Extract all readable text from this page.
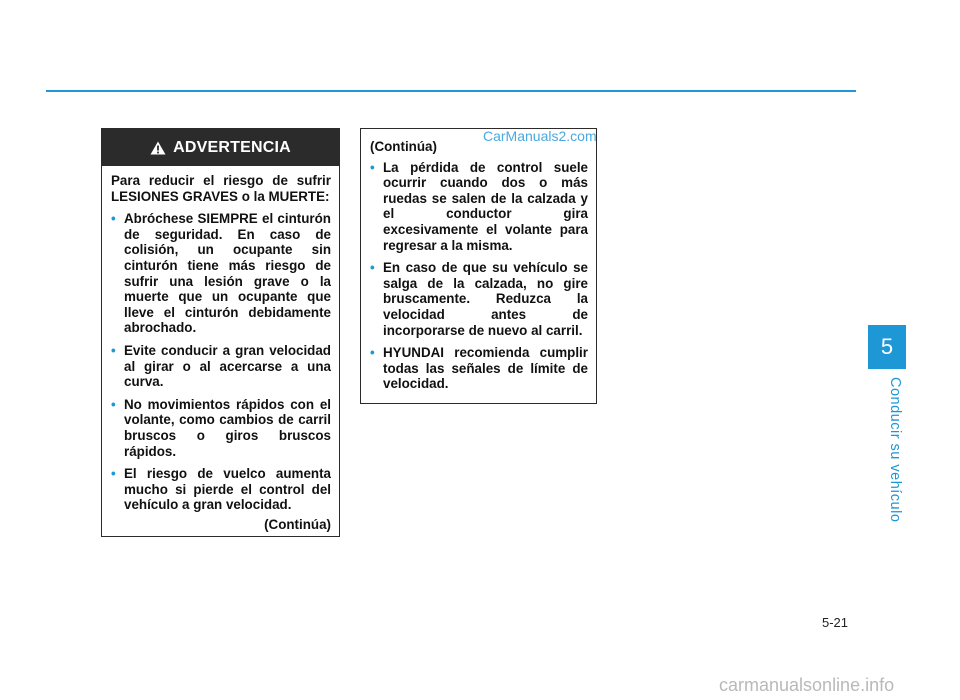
ADVERTENCIA

Para reducir el riesgo de sufrir LESIONES GRAVES o la MUERTE:

• Abróchese SIEMPRE el cinturón de seguridad. En caso de colisión, un ocupante sin cinturón tiene más riesgo de sufrir una lesión grave o la muerte que un ocupante que lleve el cinturón debidamente abrochado.
• Evite conducir a gran velocidad al girar o al acercarse a una curva.
• No movimientos rápidos con el volante, como cambios de carril bruscos o giros bruscos rápidos.
• El riesgo de vuelco aumenta mucho si pierde el control del vehículo a gran velocidad.
(Continúa)
(Continúa)
• La pérdida de control suele ocurrir cuando dos o más ruedas se salen de la calzada y el conductor gira excesivamente el volante para regresar a la misma.
• En caso de que su vehículo se salga de la calzada, no gire bruscamente. Reduzca la velocidad antes de incorporarse de nuevo al carril.
• HYUNDAI recomienda cumplir todas las señales de límite de velocidad.
CarManuals2.com
5
Conducir su vehículo
5-21
carmanualsonline.info
